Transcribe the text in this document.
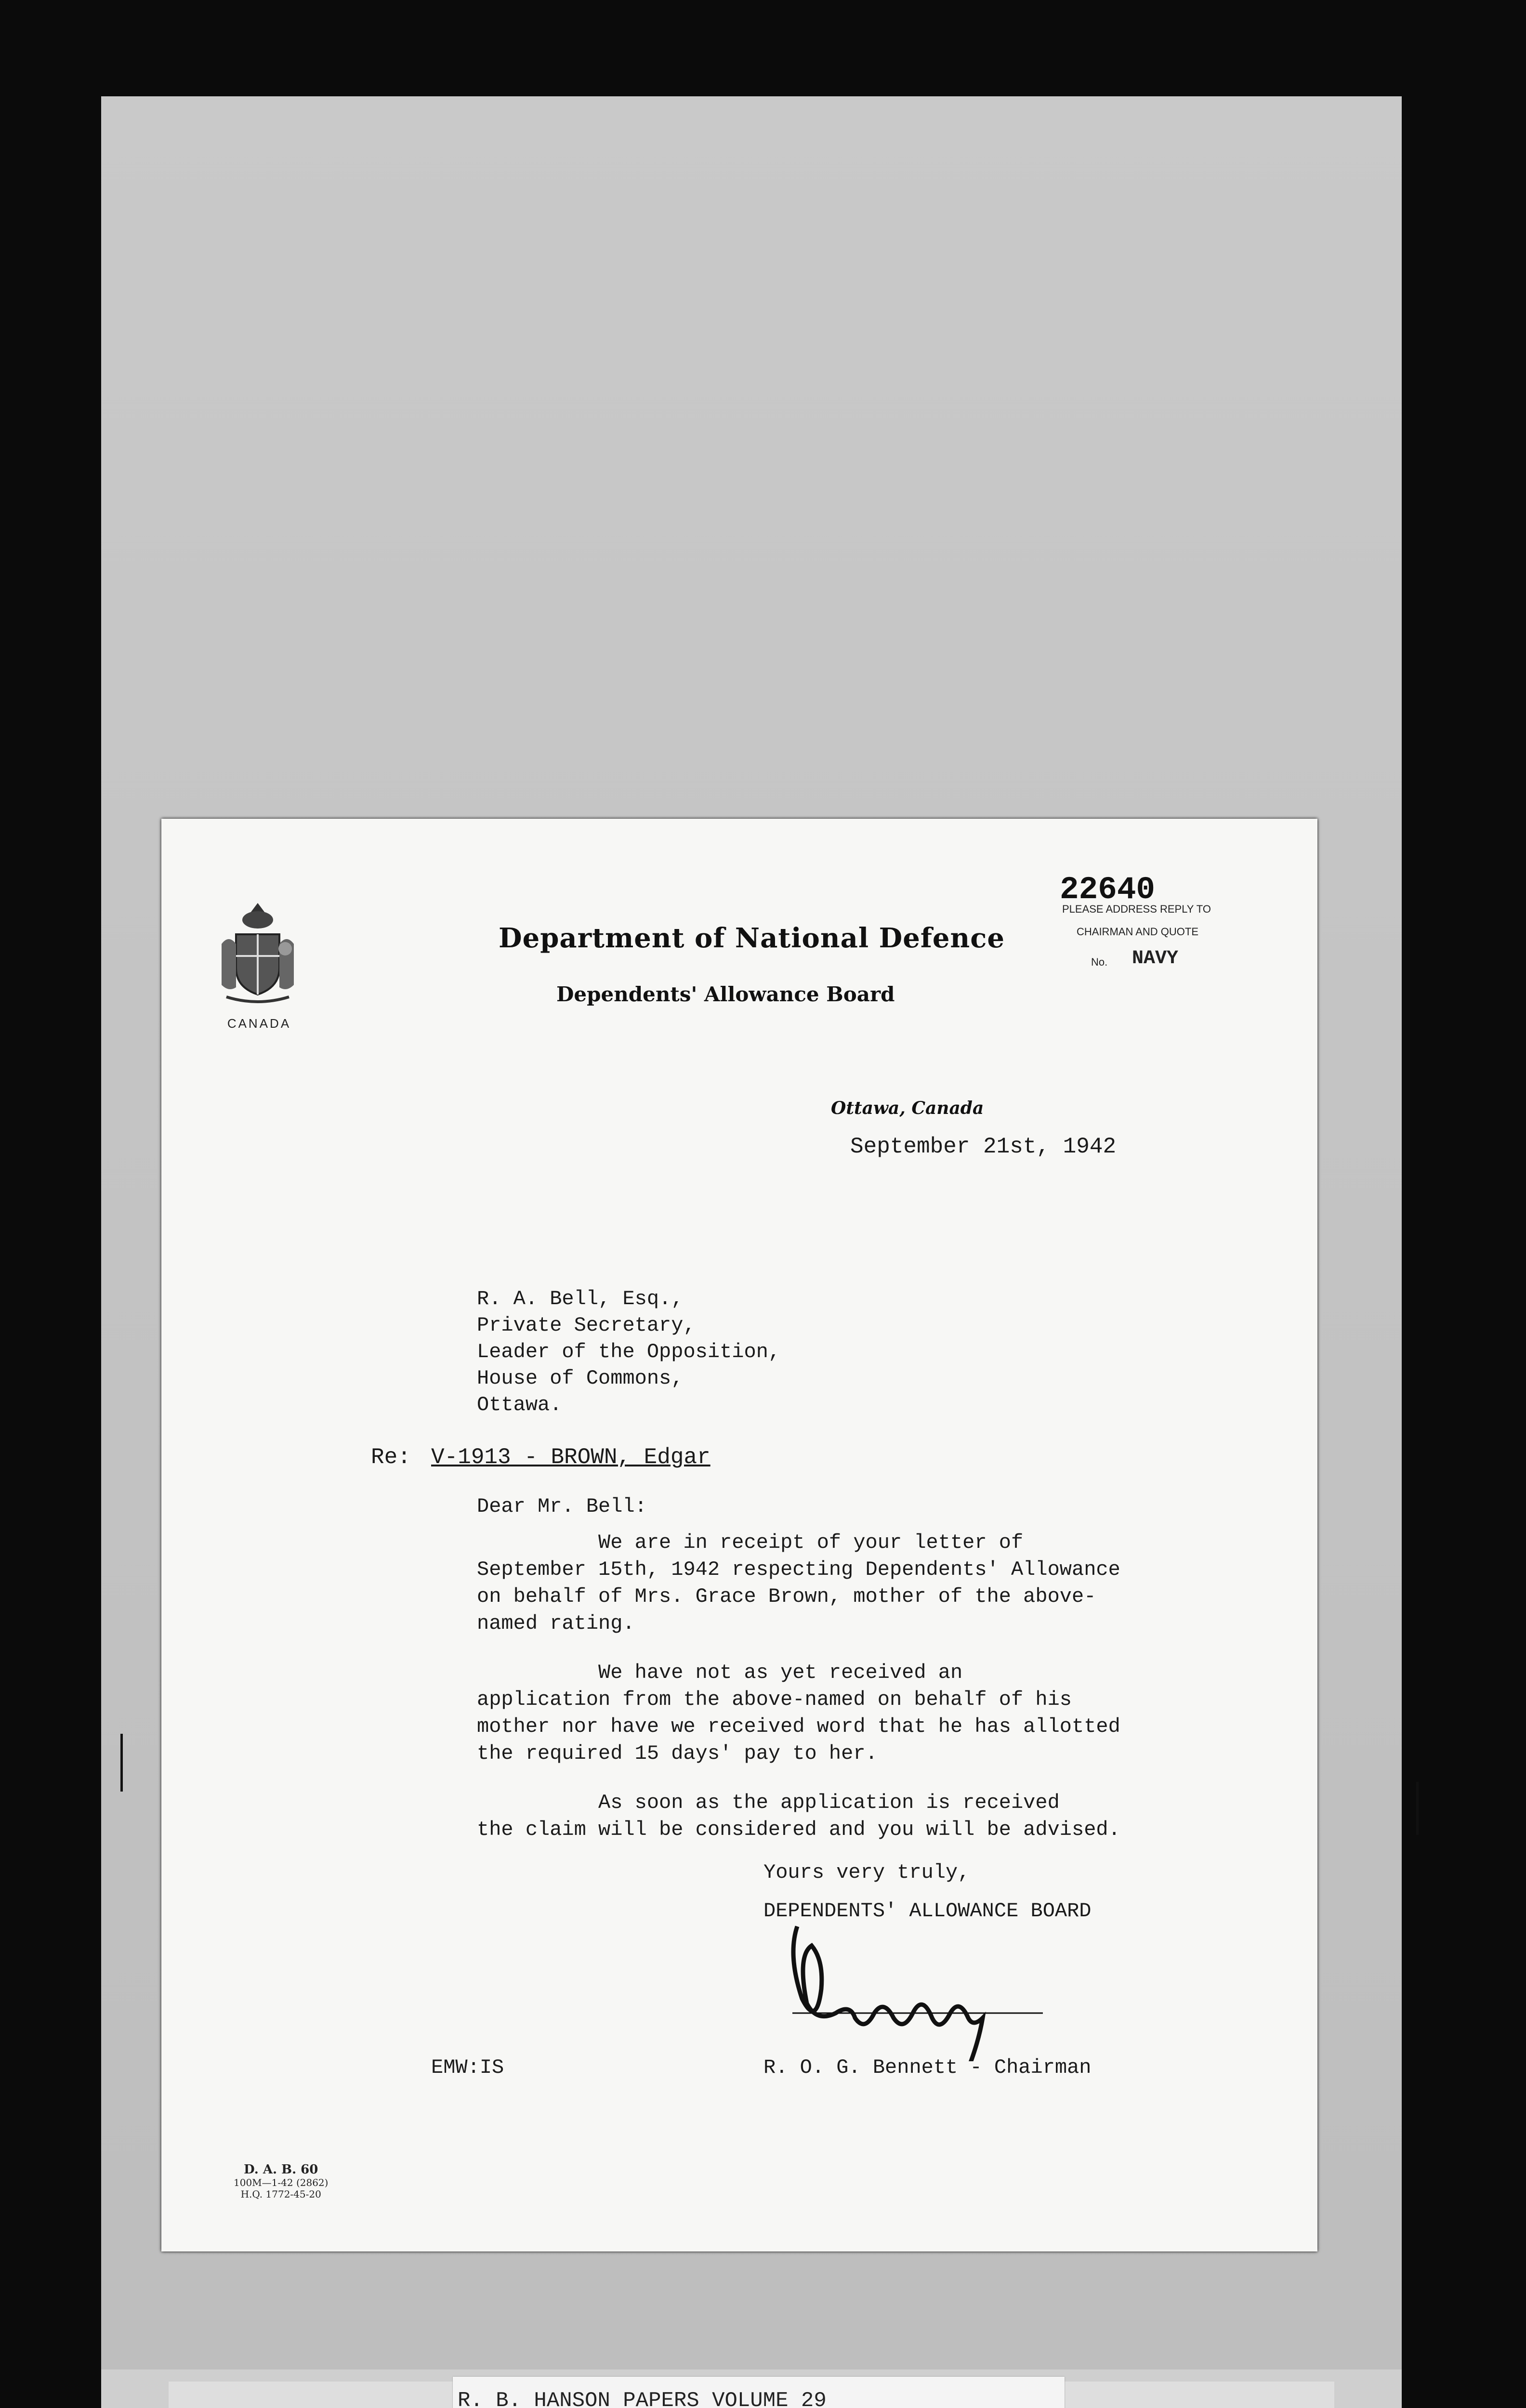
CANADA
Department of National Defence
Dependents' Allowance Board
22640
PLEASE ADDRESS REPLY TO
CHAIRMAN AND QUOTE
No. NAVY
Ottawa, Canada
September 21st, 1942
R. A. Bell, Esq.,
Private Secretary,
Leader of the Opposition,
House of Commons,
Ottawa.
Re: V-1913 - BROWN, Edgar
Dear Mr. Bell:
We are in receipt of your letter of
September 15th, 1942 respecting Dependents' Allowance
on behalf of Mrs. Grace Brown, mother of the above-
named rating.
We have not as yet received an
application from the above-named on behalf of his
mother nor have we received word that he has allotted
the required 15 days' pay to her.
As soon as the application is received
the claim will be considered and you will be advised.
Yours very truly,
DEPENDENTS' ALLOWANCE BOARD
EMW:IS	R. O. G. Bennett - Chairman
D. A. B. 60
100M—1-42 (2862)
H.Q. 1772-45-20
R. B. HANSON PAPERS VOLUME 29
